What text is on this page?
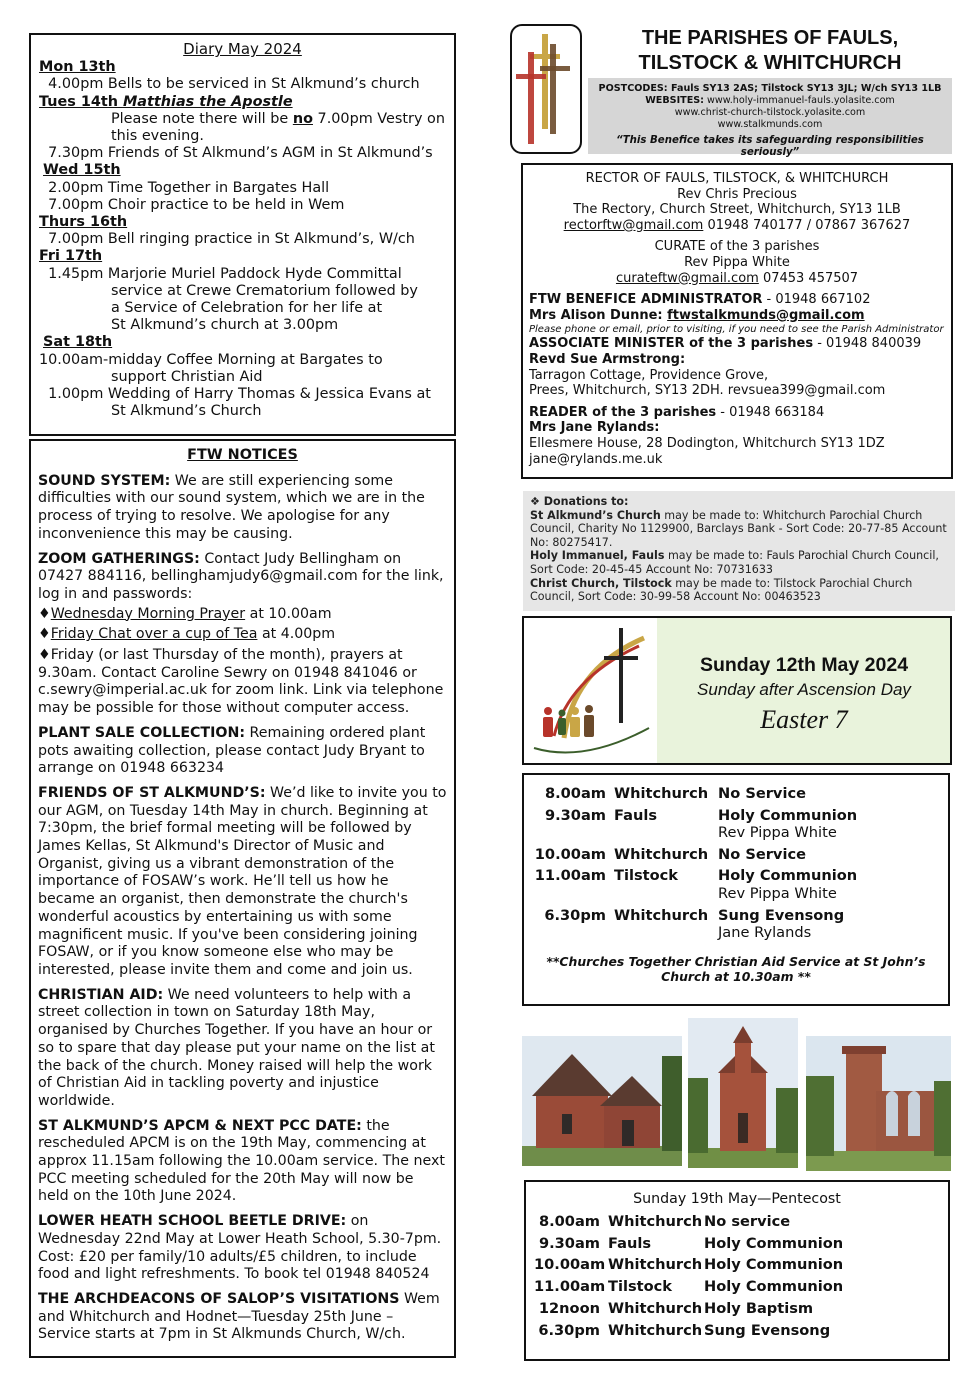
Diary May 2024
Mon 13th
4.00pm Bells to be serviced in St Alkmund’s church
Tues 14th Matthias the Apostle
Please note there will be no 7.00pm Vestry on this evening.
7.30pm Friends of St Alkmund’s AGM in St Alkmund’s
Wed 15th
2.00pm Time Together in Bargates Hall
7.00pm Choir practice to be held in Wem
Thurs 16th
7.00pm Bell ringing practice in St Alkmund’s, W/ch
Fri 17th
1.45pm Marjorie Muriel Paddock Hyde Committal
service at Crewe Crematorium followed by
a Service of Celebration for her life at
St Alkmund’s church at 3.00pm
Sat 18th
10.00am- midday Coffee Morning at Bargates to
support Christian Aid
1.00pm Wedding of Harry Thomas & Jessica Evans at
St Alkmund’s Church
FTW NOTICES

SOUND SYSTEM: We are still experiencing some difficulties with our sound system, which we are in the process of trying to resolve. We apologise for any inconvenience this may be causing.

ZOOM GATHERINGS: Contact Judy Bellingham on 07427 884116, bellinghamjudy6@gmail.com for the link, log in and passwords:

♦Wednesday Morning Prayer at 10.00am
♦Friday Chat over a cup of Tea at 4.00pm

♦Friday (or last Thursday of the month), prayers at 9.30am. Contact Caroline Sewry on 01948 841046 or c.sewry@imperial.ac.uk for zoom link. Link via telephone may be possible for those without computer access.

PLANT SALE COLLECTION: Remaining ordered plant pots awaiting collection, please contact Judy Bryant to arrange on 01948 663234

FRIENDS OF ST ALKMUND’S: We’d like to invite you to our AGM, on Tuesday 14th May in church. Beginning at 7:30pm, the brief formal meeting will be followed by James Kellas, St Alkmund's Director of Music and Organist, giving us a vibrant demonstration of the importance of FOSAW’s work. He’ll tell us how he became an organist, then demonstrate the church's wonderful acoustics by entertaining us with some magnificent music. If you've been considering joining FOSAW, or if you know someone else who may be interested, please invite them and come and join us.

CHRISTIAN AID: We need volunteers to help with a street collection in town on Saturday 18th May, organised by Churches Together. If you have an hour or so to spare that day please put your name on the list at the back of the church. Money raised will help the work of Christian Aid in tackling poverty and injustice worldwide.

ST ALKMUND’S APCM & NEXT PCC DATE: the rescheduled APCM is on the 19th May, commencing at approx 11.15am following the 10.00am service. The next PCC meeting scheduled for the 20th May will now be held on the 10th June 2024.

LOWER HEATH SCHOOL BEETLE DRIVE: on Wednesday 22nd May at Lower Heath School, 5.30-7pm. Cost: £20 per family/10 adults/£5 children, to include food and light refreshments. To book tel 01948 840524

THE ARCHDEACONS OF SALOP’S VISITATIONS Wem and Whitchurch and Hodnet—Tuesday 25th June – Service starts at 7pm in St Alkmunds Church, W/ch.

THE PARISHES OF FAULS,
TILSTOCK & WHITCHURCH
POSTCODES: Fauls SY13 2AS; Tilstock SY13 3JL; W/ch SY13 1LB
WEBSITES: www.holy-immanuel-fauls.yolasite.com
www.christ-church-tilstock.yolasite.com
www.stalkmunds.com
“This Benefice takes its safeguarding responsibilities seriously”
RECTOR OF FAULS, TILSTOCK, & WHITCHURCH
Rev Chris Precious
The Rectory, Church Street, Whitchurch, SY13 1LB
rectorftw@gmail.com 01948 740177 / 07867 367627
CURATE of the 3 parishes
Rev Pippa White
curateftw@gmail.com 07453 457507
FTW BENEFICE ADMINISTRATOR - 01948 667102
Mrs Alison Dunne: ftwstalkmunds@gmail.com
Please phone or email, prior to visiting, if you need to see the Parish Administrator
ASSOCIATE MINISTER of the 3 parishes - 01948 840039
Revd Sue Armstrong:
Tarragon Cottage, Providence Grove,
Prees, Whitchurch, SY13 2DH. revsuea399@gmail.com
READER of the 3 parishes - 01948 663184
Mrs Jane Rylands:
Ellesmere House, 28 Dodington, Whitchurch SY13 1DZ
jane@rylands.me.uk
❖ Donations to:
St Alkmund’s Church may be made to: Whitchurch Parochial Church Council, Charity No 1129900, Barclays Bank - Sort Code: 20-77-85 Account No: 80275417.
Holy Immanuel, Fauls may be made to: Fauls Parochial Church Council, Sort Code: 20-45-45 Account No: 70731633
Christ Church, Tilstock may be made to: Tilstock Parochial Church Council, Sort Code: 30-99-58 Account No: 00463523
Sunday 12th May 2024
Sunday after Ascension Day
Easter 7
8.00am Whitchurch No Service
9.30am Fauls	Holy Communion
Rev Pippa White
10.00am Whitchurch No Service
11.00am Tilstock	Holy Communion
Rev Pippa White
6.30pm Whitchurch Sung Evensong
Jane Rylands
**Churches Together Christian Aid Service at St John’s Church at 10.30am **
Sunday 19th May—Pentecost
8.00am Whitchurch No service
9.30am Fauls	Holy Communion
10.00am Whitchurch Holy Communion
11.00am Tilstock	Holy Communion
12noon Whitchurch Holy Baptism
6.30pm Whitchurch Sung Evensong
